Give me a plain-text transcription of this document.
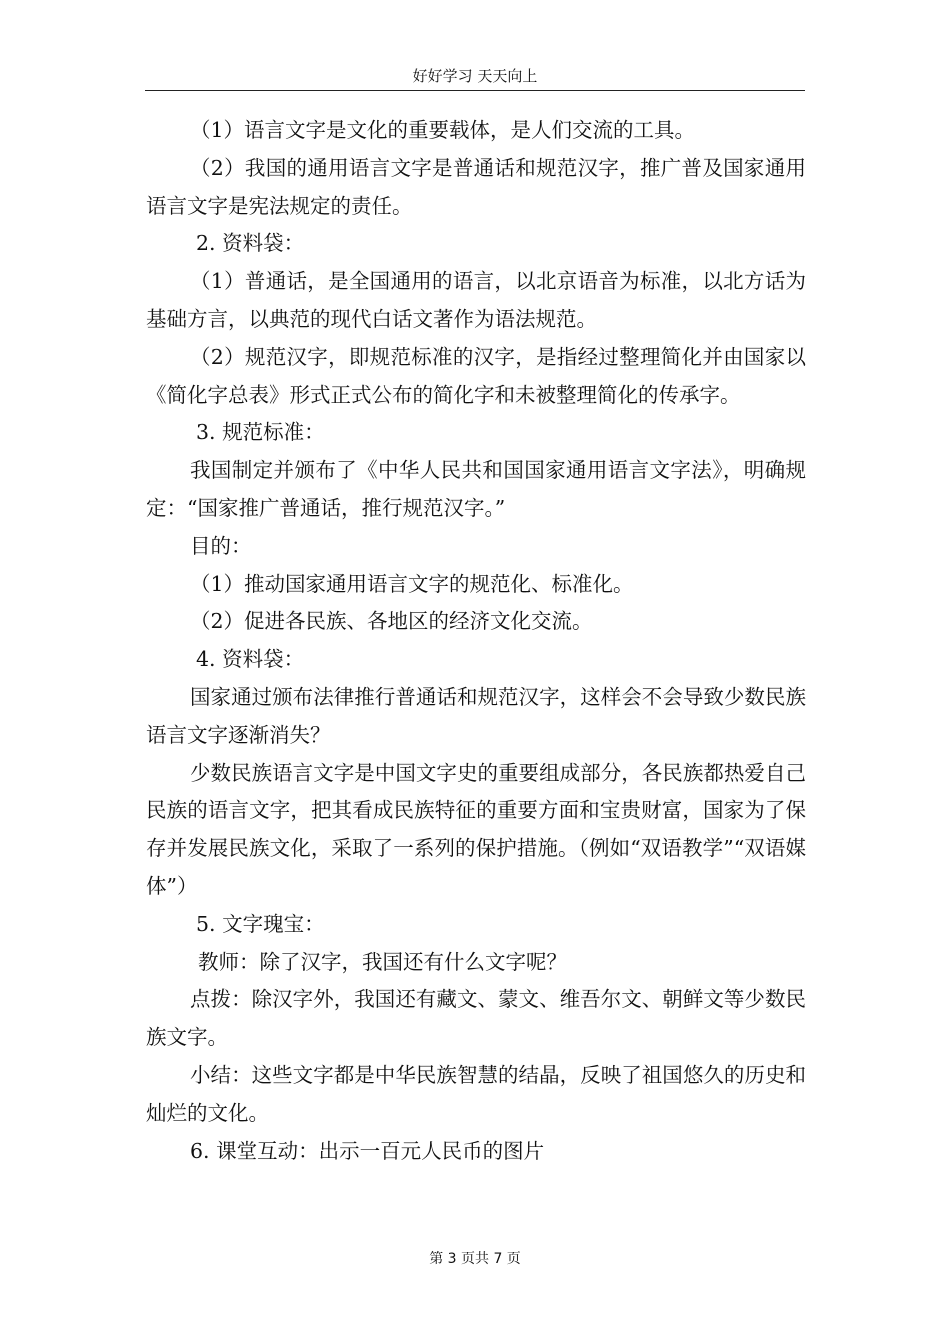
好好学习 天天向上

（1）语言文字是文化的重要载体，是人们交流的工具。

（2）我国的通用语言文字是普通话和规范汉字，推广普及国家通用语言文字是宪法规定的责任。

2. 资料袋：

（1）普通话，是全国通用的语言，以北京语音为标准，以北方话为基础方言，以典范的现代白话文著作为语法规范。

（2）规范汉字，即规范标准的汉字，是指经过整理简化并由国家以《简化字总表》形式正式公布的简化字和未被整理简化的传承字。

3. 规范标准：

我国制定并颁布了《中华人民共和国国家通用语言文字法》，明确规定：“国家推广普通话，推行规范汉字。”

目的：

（1）推动国家通用语言文字的规范化、标准化。

（2）促进各民族、各地区的经济文化交流。

4. 资料袋：

国家通过颁布法律推行普通话和规范汉字，这样会不会导致少数民族语言文字逐渐消失？

少数民族语言文字是中国文字史的重要组成部分，各民族都热爱自己民族的语言文字，把其看成民族特征的重要方面和宝贵财富，国家为了保存并发展民族文化，采取了一系列的保护措施。（例如“双语教学”“双语媒体”）

5. 文字瑰宝：

教师：除了汉字，我国还有什么文字呢？

点拨：除汉字外，我国还有藏文、蒙文、维吾尔文、朝鲜文等少数民族文字。

小结：这些文字都是中华民族智慧的结晶，反映了祖国悠久的历史和灿烂的文化。

6. 课堂互动：出示一百元人民币的图片

第 3 页共 7 页
